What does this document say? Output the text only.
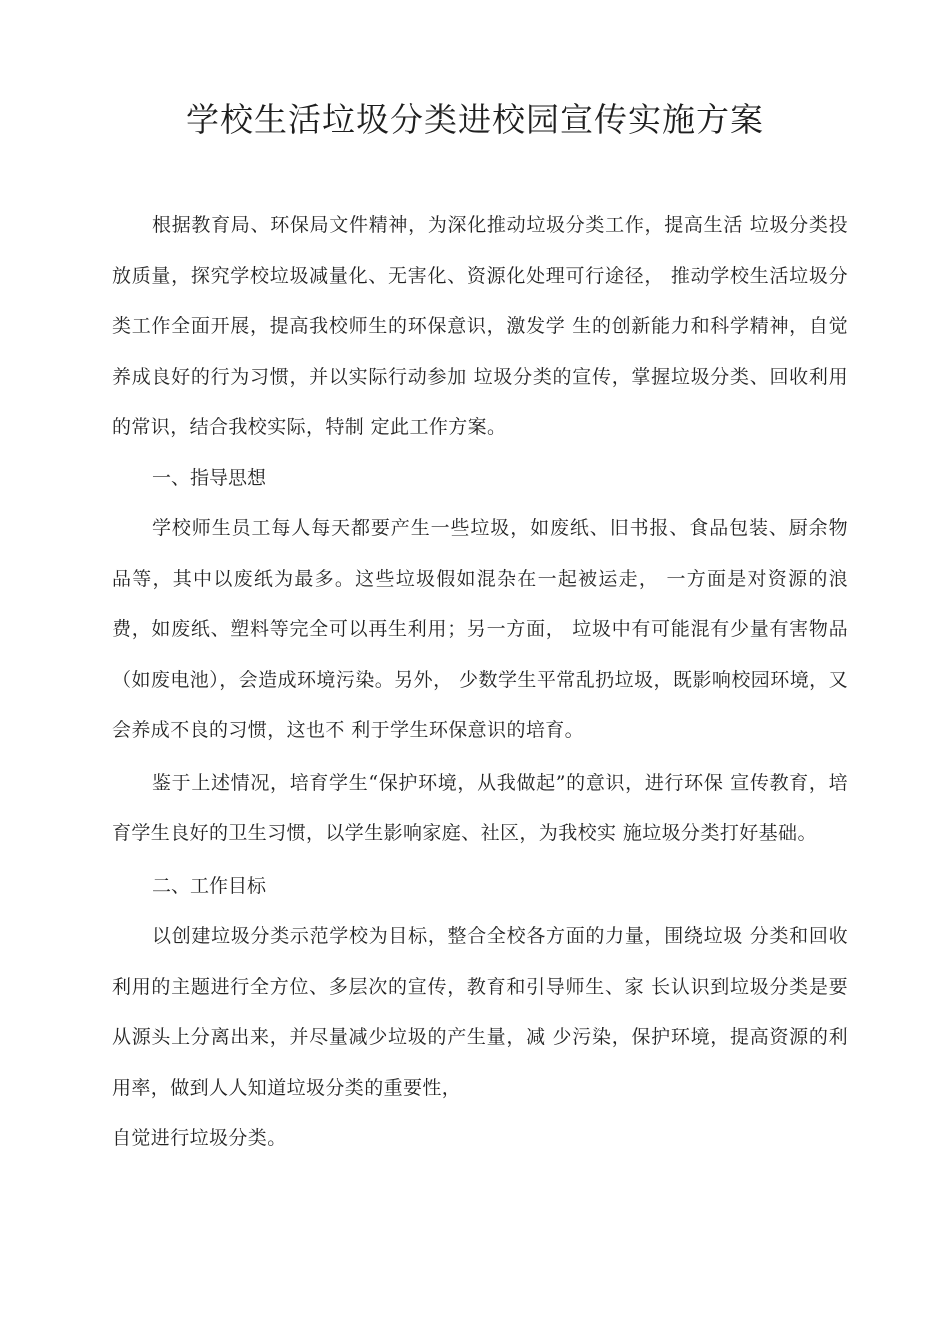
学校生活垃圾分类进校园宣传实施方案

根据教育局、环保局文件精神，为深化推动垃圾分类工作，提高生活 垃圾分类投放质量，探究学校垃圾减量化、无害化、资源化处理可行途径， 推动学校生活垃圾分类工作全面开展，提高我校师生的环保意识，激发学 生的创新能力和科学精神，自觉养成良好的行为习惯，并以实际行动参加 垃圾分类的宣传，掌握垃圾分类、回收利用的常识，结合我校实际，特制 定此工作方案。

一、指导思想

学校师生员工每人每天都要产生一些垃圾，如废纸、旧书报、食品包装、厨余物品等，其中以废纸为最多。这些垃圾假如混杂在一起被运走， 一方面是对资源的浪费，如废纸、塑料等完全可以再生利用；另一方面， 垃圾中有可能混有少量有害物品（如废电池），会造成环境污染。另外， 少数学生平常乱扔垃圾，既影响校园环境，又会养成不良的习惯，这也不 利于学生环保意识的培育。

鉴于上述情况，培育学生“保护环境，从我做起”的意识，进行环保 宣传教育，培育学生良好的卫生习惯，以学生影响家庭、社区，为我校实 施垃圾分类打好基础。

二、工作目标

以创建垃圾分类示范学校为目标，整合全校各方面的力量，围绕垃圾 分类和回收利用的主题进行全方位、多层次的宣传，教育和引导师生、家 长认识到垃圾分类是要从源头上分离出来，并尽量减少垃圾的产生量，减 少污染，保护环境，提高资源的利用率，做到人人知道垃圾分类的重要性，

自觉进行垃圾分类。
